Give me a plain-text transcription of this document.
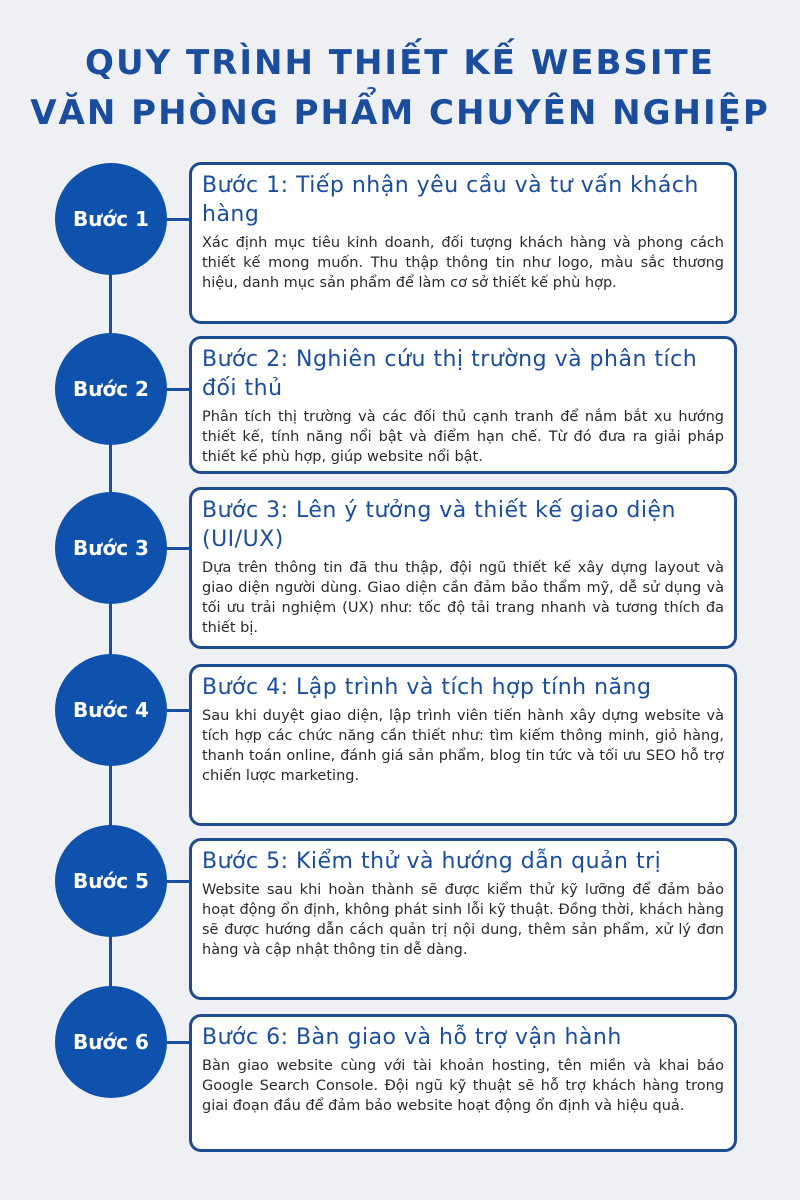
QUY TRÌNH THIẾT KẾ WEBSITE
VĂN PHÒNG PHẨM CHUYÊN NGHIỆP
Bước 1
Bước 1: Tiếp nhận yêu cầu và tư vấn khách hàng
Xác định mục tiêu kinh doanh, đối tượng khách hàng và phong cách thiết kế mong muốn. Thu thập thông tin như logo, màu sắc thương hiệu, danh mục sản phẩm để làm cơ sở thiết kế phù hợp.
Bước 2
Bước 2: Nghiên cứu thị trường và phân tích đối thủ
Phân tích thị trường và các đối thủ cạnh tranh để nắm bắt xu hướng thiết kế, tính năng nổi bật và điểm hạn chế. Từ đó đưa ra giải pháp thiết kế phù hợp, giúp website nổi bật.
Bước 3
Bước 3: Lên ý tưởng và thiết kế giao diện (UI/UX)
Dựa trên thông tin đã thu thập, đội ngũ thiết kế xây dựng layout và giao diện người dùng. Giao diện cần đảm bảo thẩm mỹ, dễ sử dụng và tối ưu trải nghiệm (UX) như: tốc độ tải trang nhanh và tương thích đa thiết bị.
Bước 4
Bước 4: Lập trình và tích hợp tính năng
Sau khi duyệt giao diện, lập trình viên tiến hành xây dựng website và tích hợp các chức năng cần thiết như: tìm kiếm thông minh, giỏ hàng, thanh toán online, đánh giá sản phẩm, blog tin tức và tối ưu SEO hỗ trợ chiến lược marketing.
Bước 5
Bước 5: Kiểm thử và hướng dẫn quản trị
Website sau khi hoàn thành sẽ được kiểm thử kỹ lưỡng để đảm bảo hoạt động ổn định, không phát sinh lỗi kỹ thuật. Đồng thời, khách hàng sẽ được hướng dẫn cách quản trị nội dung, thêm sản phẩm, xử lý đơn hàng và cập nhật thông tin dễ dàng.
Bước 6	Bước 6: Bàn giao và hỗ trợ vận hành
Bàn giao website cùng với tài khoản hosting, tên miền và khai báo Google Search Console. Đội ngũ kỹ thuật sẽ hỗ trợ khách hàng trong giai đoạn đầu để đảm bảo website hoạt động ổn định và hiệu quả.
